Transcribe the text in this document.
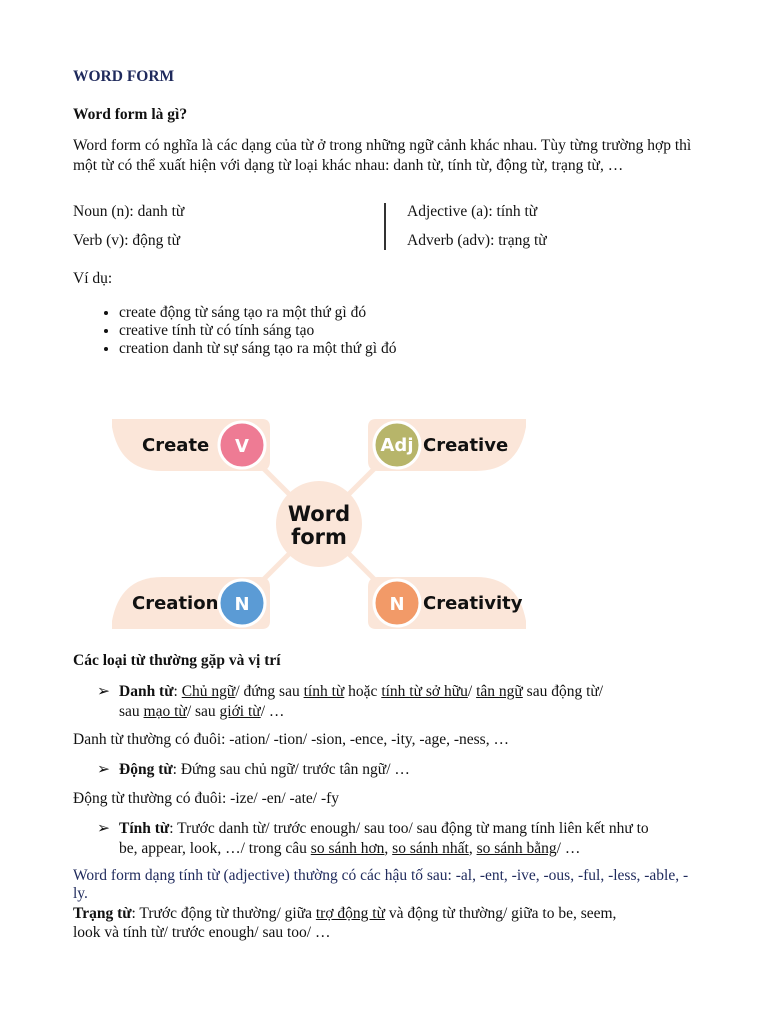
WORD FORM
Word form là gì?
Word form có nghĩa là các dạng của từ ở trong những ngữ cảnh khác nhau. Tùy từng trường hợp thì một từ có thể xuất hiện với dạng từ loại khác nhau: danh từ, tính từ, động từ, trạng từ, …
Noun (n): danh từ
Verb (v): động từ
Adjective (a): tính từ
Adverb (adv): trạng từ
Ví dụ:
• create động từ sáng tạo ra một thứ gì đó
• creative tính từ có tính sáng tạo
• creation danh từ sự sáng tạo ra một thứ gì đó
Word
form
Create V	Adj Creative
Creation N	N Creativity
Các loại từ thường gặp và vị trí
➢ Danh từ: Chủ ngữ/ đứng sau tính từ hoặc tính từ sở hữu/ tân ngữ sau động từ/
sau mạo từ/ sau giới từ/ …
Danh từ thường có đuôi: -ation/ -tion/ -sion, -ence, -ity, -age, -ness, …
➢ Động từ: Đứng sau chủ ngữ/ trước tân ngữ/ …
Động từ thường có đuôi: -ize/ -en/ -ate/ -fy
➢ Tính từ: Trước danh từ/ trước enough/ sau too/ sau động từ mang tính liên kết như to
be, appear, look, …/ trong câu so sánh hơn, so sánh nhất, so sánh bằng/ …
Word form dạng tính từ (adjective) thường có các hậu tố sau: -al, -ent, -ive, -ous, -ful, -less, -able, -ly.
Trạng từ: Trước động từ thường/ giữa trợ động từ và động từ thường/ giữa to be, seem,
look và tính từ/ trước enough/ sau too/ …
